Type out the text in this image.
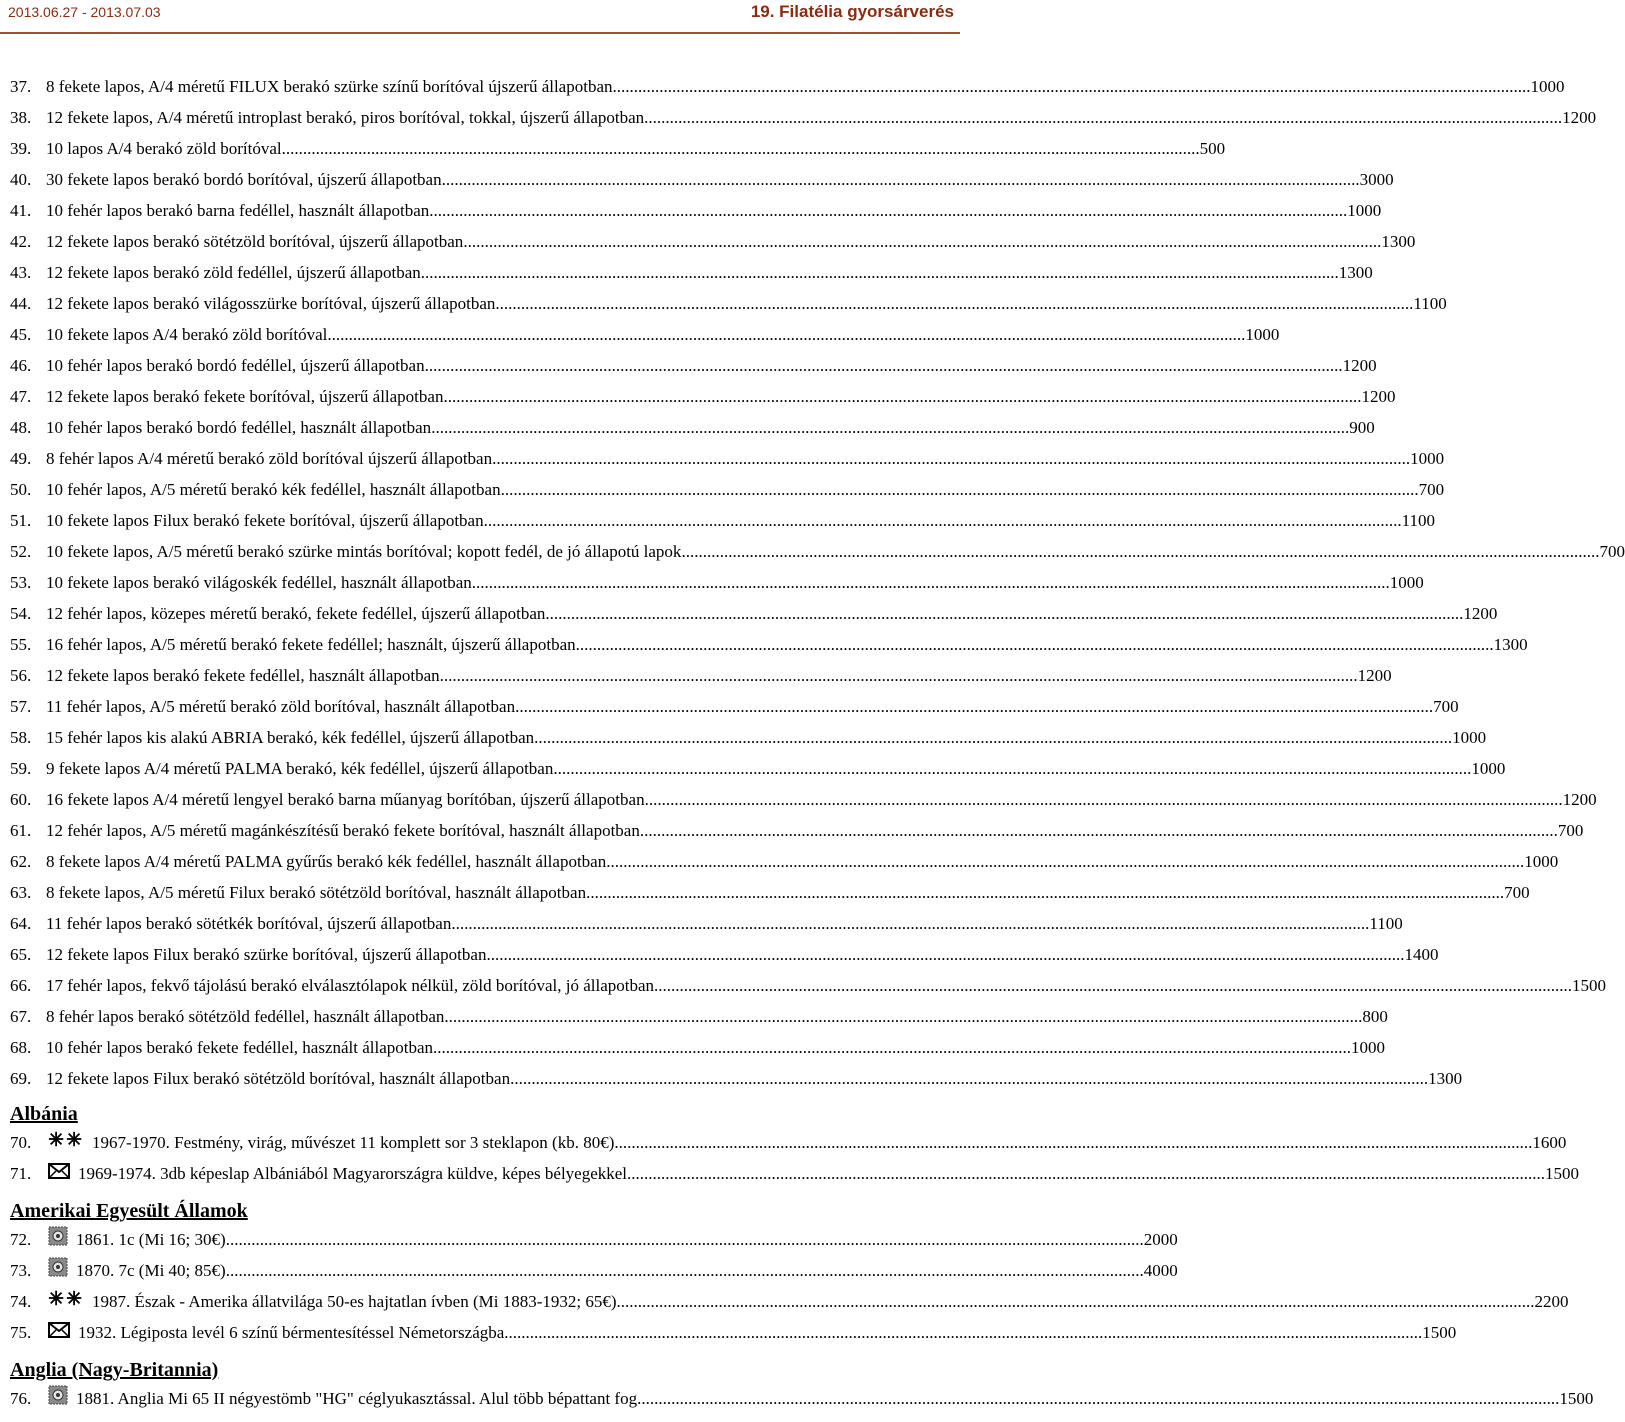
2013.06.27 - 2013.07.03	19. Filatélia gyorsárverés
37. 8 fekete lapos, A/4 méretű FILUX berakó szürke színű borítóval újszerű állapotban .....	1000
38. 12 fekete lapos, A/4 méretű introplast berakó, piros borítóval, tokkal, újszerű állapotban .....	1200
39. 10 lapos A/4 berakó zöld borítóval .....	500
40. 30 fekete lapos berakó bordó borítóval, újszerű állapotban .....	3000
41. 10 fehér lapos berakó barna fedéllel, használt állapotban .....	1000
42. 12 fekete lapos berakó sötétzöld borítóval, újszerű állapotban .....	1300
43. 12 fekete lapos berakó zöld fedéllel, újszerű állapotban .....	1300
44. 12 fekete lapos berakó világosszürke borítóval, újszerű állapotban .....	1100
45. 10 fekete lapos A/4 berakó zöld borítóval .....	1000
46. 10 fehér lapos berakó bordó fedéllel, újszerű állapotban .....	1200
47. 12 fekete lapos berakó fekete borítóval, újszerű állapotban .....	1200
48. 10 fehér lapos berakó bordó fedéllel, használt állapotban .....	900
49. 8 fehér lapos A/4 méretű berakó zöld borítóval újszerű állapotban .....	1000
50. 10 fehér lapos, A/5 méretű berakó kék fedéllel, használt állapotban .....	700
51. 10 fekete lapos Filux berakó fekete borítóval, újszerű állapotban .....	1100
52. 10 fekete lapos, A/5 méretű berakó szürke mintás borítóval; kopott fedél, de jó állapotú lapok .....	700
53. 10 fekete lapos berakó világoskék fedéllel, használt állapotban .....	1000
54. 12 fehér lapos, közepes méretű berakó, fekete fedéllel, újszerű állapotban .....	1200
55. 16 fehér lapos, A/5 méretű berakó fekete fedéllel; használt, újszerű állapotban .....	1300
56. 12 fekete lapos berakó fekete fedéllel, használt állapotban .....	1200
57. 11 fehér lapos, A/5 méretű berakó zöld borítóval, használt állapotban .....	700
58. 15 fehér lapos kis alakú ABRIA berakó, kék fedéllel, újszerű állapotban .....	1000
59. 9 fekete lapos A/4 méretű PALMA berakó, kék fedéllel, újszerű állapotban .....	1000
60. 16 fekete lapos A/4 méretű lengyel berakó barna műanyag borítóban, újszerű állapotban .....	1200
61. 12 fehér lapos, A/5 méretű magánkészítésű berakó fekete borítóval, használt állapotban .....	700
62. 8 fekete lapos A/4 méretű PALMA gyűrűs berakó kék fedéllel, használt állapotban .....	1000
63. 8 fekete lapos, A/5 méretű Filux berakó sötétzöld borítóval, használt állapotban .....	700
64. 11 fehér lapos berakó sötétkék borítóval, újszerű állapotban .....	1100
65. 12 fekete lapos Filux berakó szürke borítóval, újszerű állapotban .....	1400
66. 17 fehér lapos, fekvő tájolású berakó elválasztólapok nélkül, zöld borítóval, jó állapotban .....	1500
67. 8 fehér lapos berakó sötétzöld fedéllel, használt állapotban .....	800
68. 10 fehér lapos berakó fekete fedéllel, használt állapotban .....	1000
69. 12 fekete lapos Filux berakó sötétzöld borítóval, használt állapotban .....	1300
Albánia
70.	1967-1970. Festmény, virág, művészet 11 komplett sor 3 steklapon (kb. 80€) .....	1600
71.	1969-1974. 3db képeslap Albániából Magyarországra küldve, képes bélyegekkel .....	1500
Amerikai Egyesült Államok
72.	1861. 1c (Mi 16; 30€) .....	2000
73.	1870. 7c (Mi 40; 85€) .....	4000
74.	1987. Észak - Amerika állatvilága 50-es hajtatlan ívben (Mi 1883-1932; 65€) .....	2200
75.	1932. Légiposta levél 6 színű bérmentesítéssel Németországba .....	1500
Anglia (Nagy-Britannia)
76.	1881. Anglia Mi 65 II négyestömb "HG" céglyukasztással. Alul több bépattant fog. .....	1500
